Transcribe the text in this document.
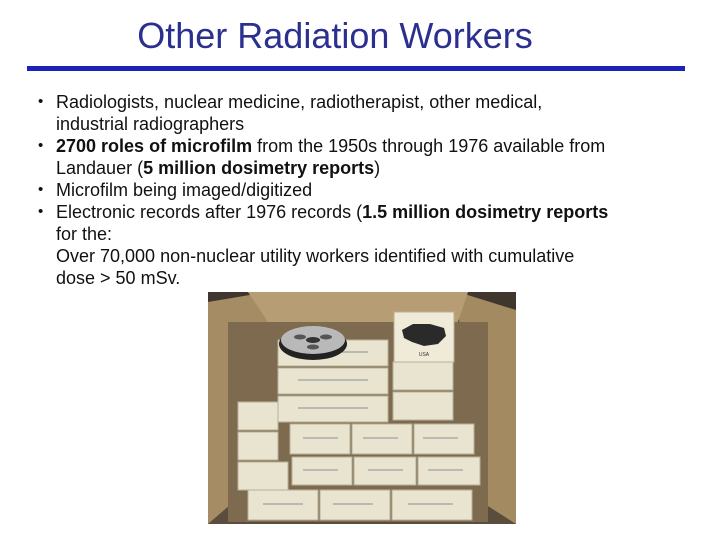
Other Radiation Workers
• Radiologists, nuclear medicine, radiotherapist, other medical,
industrial radiographers
• 2700 roles of microfilm from the 1950s through 1976 available from
Landauer (5 million dosimetry reports)
• Microfilm being imaged/digitized
• Electronic records after 1976 records (1.5 million dosimetry reports
for the:
Over 70,000 non-nuclear utility workers identified with cumulative
dose > 50 mSv.
USA
